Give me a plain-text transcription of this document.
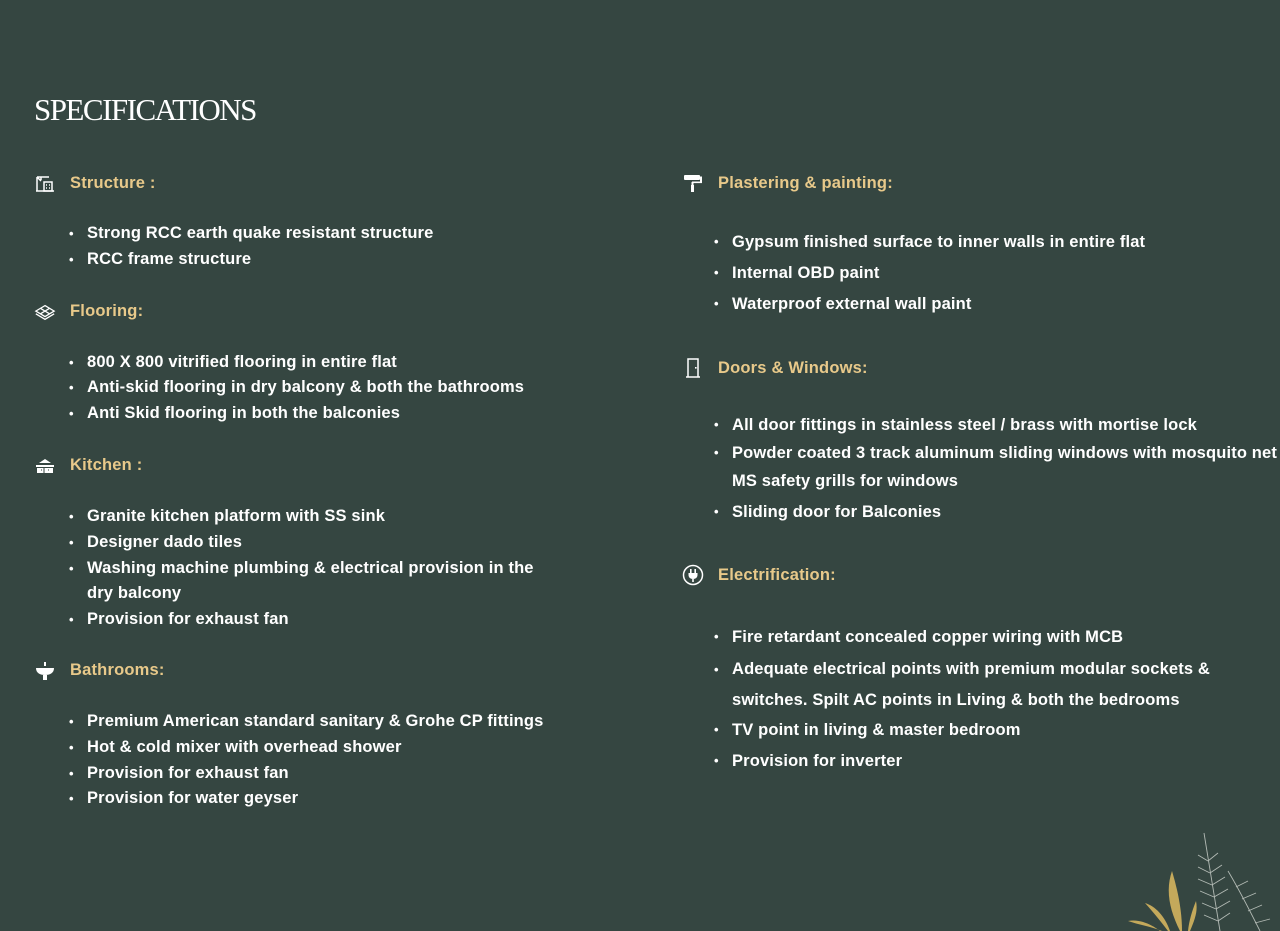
SPECIFICATIONS
Structure :
• Strong RCC earth quake resistant structure
• RCC frame structure
Flooring:
• 800 X 800 vitrified flooring in entire flat
• Anti-skid flooring in dry balcony & both the bathrooms
• Anti Skid flooring in both the balconies
Kitchen :
• Granite kitchen platform with SS sink
• Designer dado tiles
• Washing machine plumbing & electrical provision in the dry balcony
• Provision for exhaust fan
Bathrooms:
• Premium American standard sanitary & Grohe CP fittings
• Hot & cold mixer with overhead shower
• Provision for exhaust fan
• Provision for water geyser
Plastering & painting:
• Gypsum finished surface to inner walls in entire flat
• Internal OBD paint
• Waterproof external wall paint
Doors & Windows:
• All door fittings in stainless steel / brass with mortise lock
• Powder coated 3 track aluminum sliding windows with mosquito net MS safety grills for windows
• Sliding door for Balconies
Electrification:
• Fire retardant concealed copper wiring with MCB
• Adequate electrical points with premium modular sockets & switches. Spilt AC points in Living & both the bedrooms
• TV point in living & master bedroom
• Provision for inverter
